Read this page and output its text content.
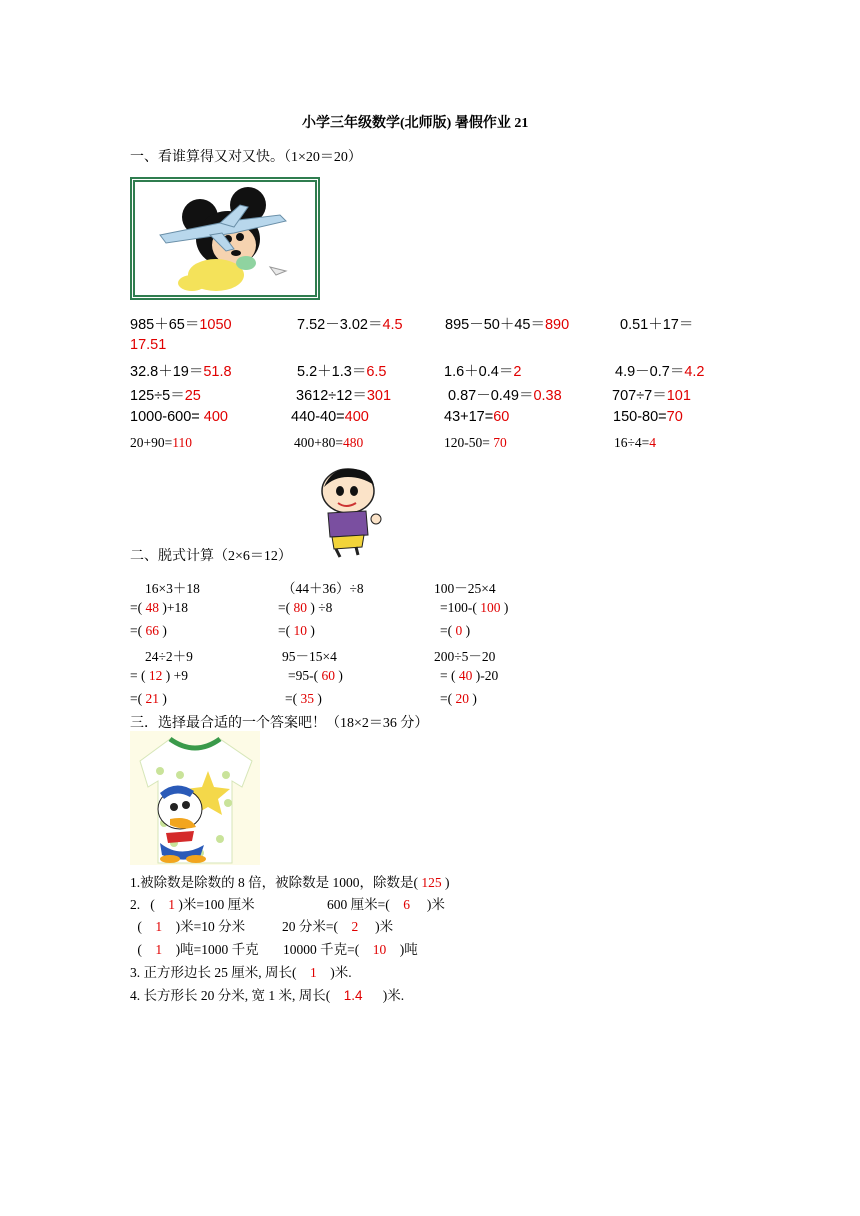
小学三年级数学(北师版) 暑假作业 21
一、看谁算得又对又快。（1×20＝20）
985＋65＝1050	7.52－3.02＝4.5	895－50＋45＝890	0.51＋17＝
17.51
32.8＋19＝51.8	5.2＋1.3＝6.5	1.6＋0.4＝2	4.9－0.7＝4.2
125÷5＝25	3612÷12＝301	0.87－0.49＝0.38	707÷7＝101
1000-600= 400	440-40=400	43+17=60	150-80=70
20+90=110	400+80=480	120-50= 70	16÷4=4
二、脱式计算（2×6＝12）
16×3＋18	（44＋36）÷8	100－25×4
=( 48 )+18	=( 80 ) ÷8	=100-( 100 )
=( 66 )	=( 10 )	=( 0 )
24÷2＋9	95－15×4	200÷5－20
= ( 12 ) +9	=95-( 60 )	= ( 40 )-20
=( 21 )	=( 35 )	=( 20 )
三．选择最合适的一个答案吧！（18×2＝36 分）
1.被除数是除数的 8 倍，被除数是 1000，除数是( 125 )
2.   (    1 )米=100 厘米	600 厘米=(    6     )米
(    1    )米=10 分米	20 分米=(    2     )米
(    1    )吨=1000 千克 10000 千克=(    10    )吨
3. 正方形边长 25 厘米, 周长(    1    )米.
4. 长方形长 20 分米, 宽 1 米, 周长(    1.4      )米.
